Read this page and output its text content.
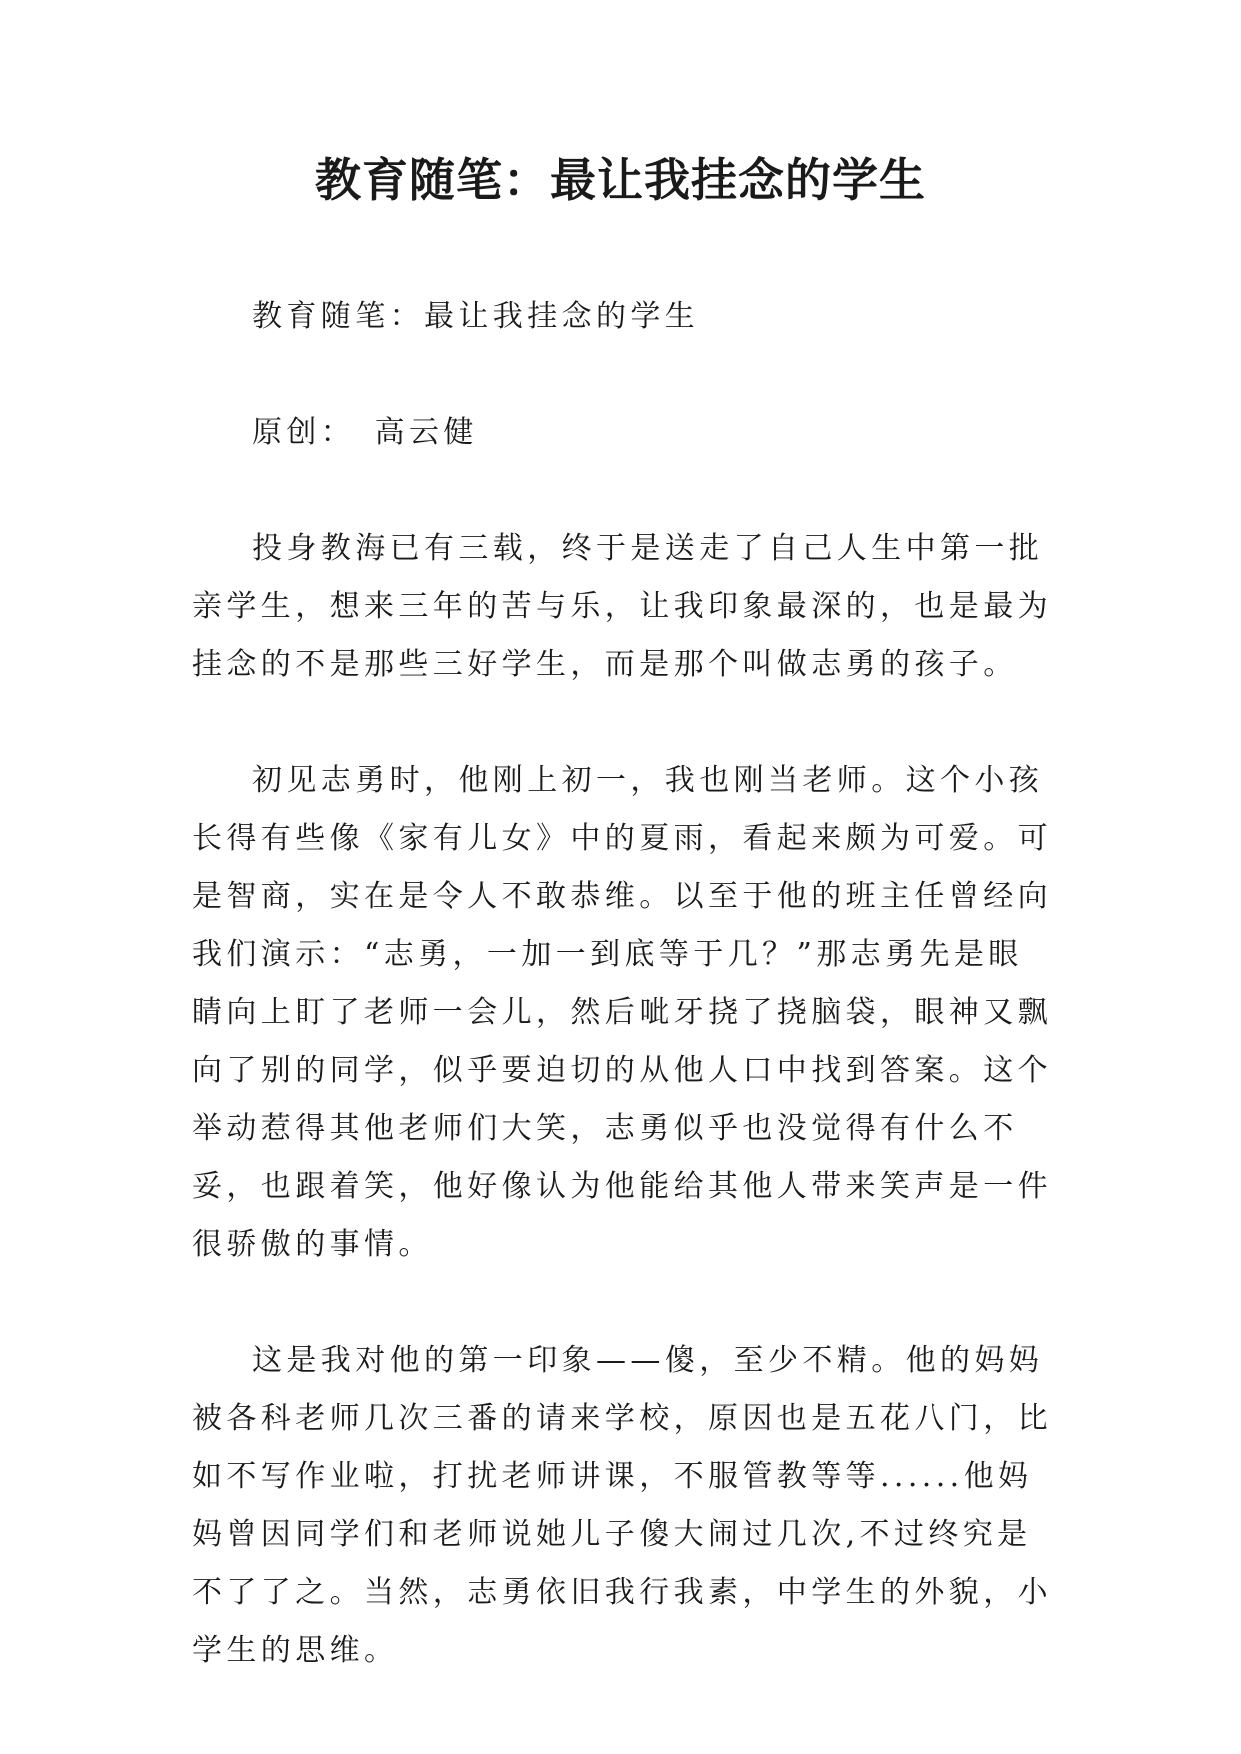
教育随笔：最让我挂念的学生

教育随笔：最让我挂念的学生

原创：　高云健

投身教海已有三载，终于是送走了自己人生中第一批亲学生，想来三年的苦与乐，让我印象最深的，也是最为挂念的不是那些三好学生，而是那个叫做志勇的孩子。

初见志勇时，他刚上初一，我也刚当老师。这个小孩长得有些像《家有儿女》中的夏雨，看起来颇为可爱。可是智商，实在是令人不敢恭维。以至于他的班主任曾经向我们演示：“志勇，一加一到底等于几？”那志勇先是眼睛向上盯了老师一会儿，然后呲牙挠了挠脑袋，眼神又飘向了别的同学，似乎要迫切的从他人口中找到答案。这个举动惹得其他老师们大笑，志勇似乎也没觉得有什么不妥，也跟着笑，他好像认为他能给其他人带来笑声是一件很骄傲的事情。

这是我对他的第一印象——傻，至少不精。他的妈妈被各科老师几次三番的请来学校，原因也是五花八门，比如不写作业啦，打扰老师讲课，不服管教等等......他妈妈曾因同学们和老师说她儿子傻大闹过几次,不过终究是不了了之。当然，志勇依旧我行我素，中学生的外貌，小学生的思维。
